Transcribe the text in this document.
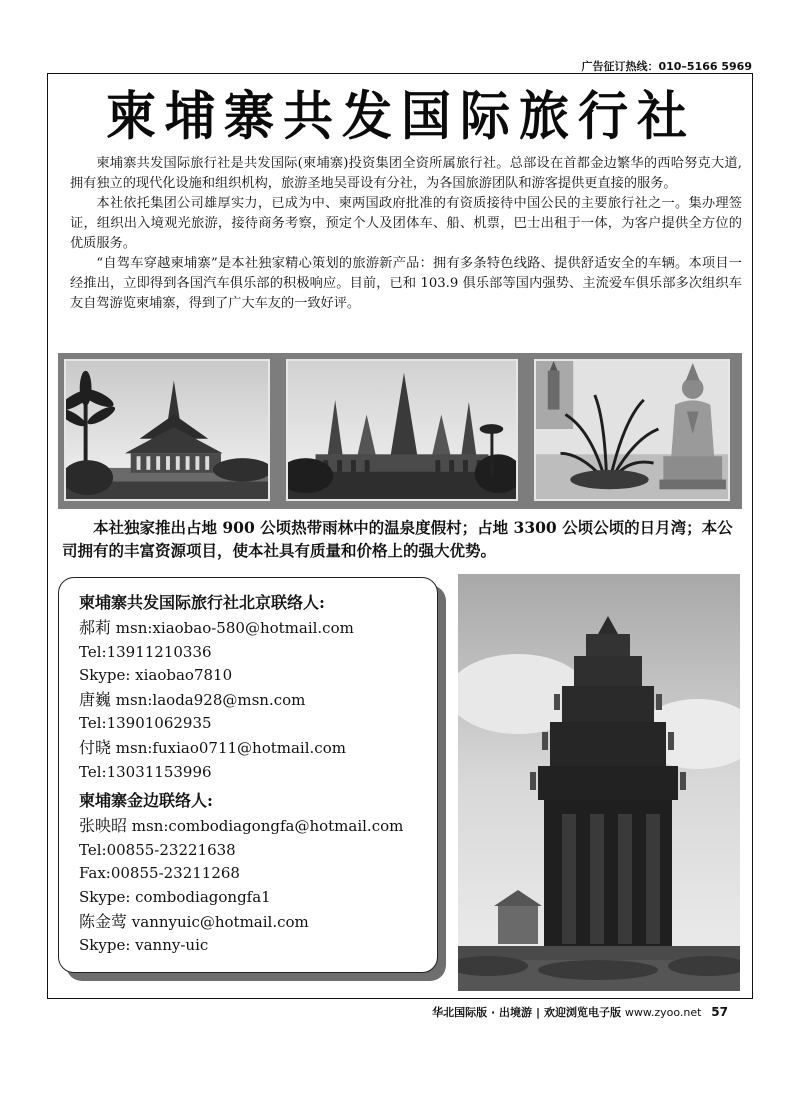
广告征订热线：010–5166 5969
柬埔寨共发国际旅行社

柬埔寨共发国际旅行社是共发国际(柬埔寨)投资集团全资所属旅行社。总部设在首都金边繁华的西哈努克大道,拥有独立的现代化设施和组织机构，旅游圣地吴哥设有分社，为各国旅游团队和游客提供更直接的服务。

本社依托集团公司雄厚实力，已成为中、柬两国政府批准的有资质接待中国公民的主要旅行社之一。集办理签证，组织出入境观光旅游，接待商务考察，预定个人及团体车、船、机票，巴士出租于一体，为客户提供全方位的优质服务。

“自驾车穿越柬埔寨”是本社独家精心策划的旅游新产品：拥有多条特色线路、提供舒适安全的车辆。本项目一经推出，立即得到各国汽车俱乐部的积极响应。目前，已和 103.9 俱乐部等国内强势、主流爱车俱乐部多次组织车友自驾游览柬埔寨，得到了广大车友的一致好评。

本社独家推出占地 900 公顷热带雨林中的温泉度假村；占地 3300 公顷公顷的日月湾；本公司拥有的丰富资源项目，使本社具有质量和价格上的强大优势。

柬埔寨共发国际旅行社北京联络人:

郝莉 msn:xiaobao-580@hotmail.com

Tel:13911210336

Skype: xiaobao7810

唐巍 msn:laoda928@msn.com

Tel:13901062935

付晓 msn:fuxiao0711@hotmail.com

Tel:13031153996

柬埔寨金边联络人:

张映昭 msn:combodiagongfa@hotmail.com

Tel:00855-23221638

Fax:00855-23211268

Skype: combodiagongfa1

陈金莺 vannyuic@hotmail.com

Skype: vanny-uic

华北国际版 · 出境游 | 欢迎浏览电子版 www.zyoo.net 57
